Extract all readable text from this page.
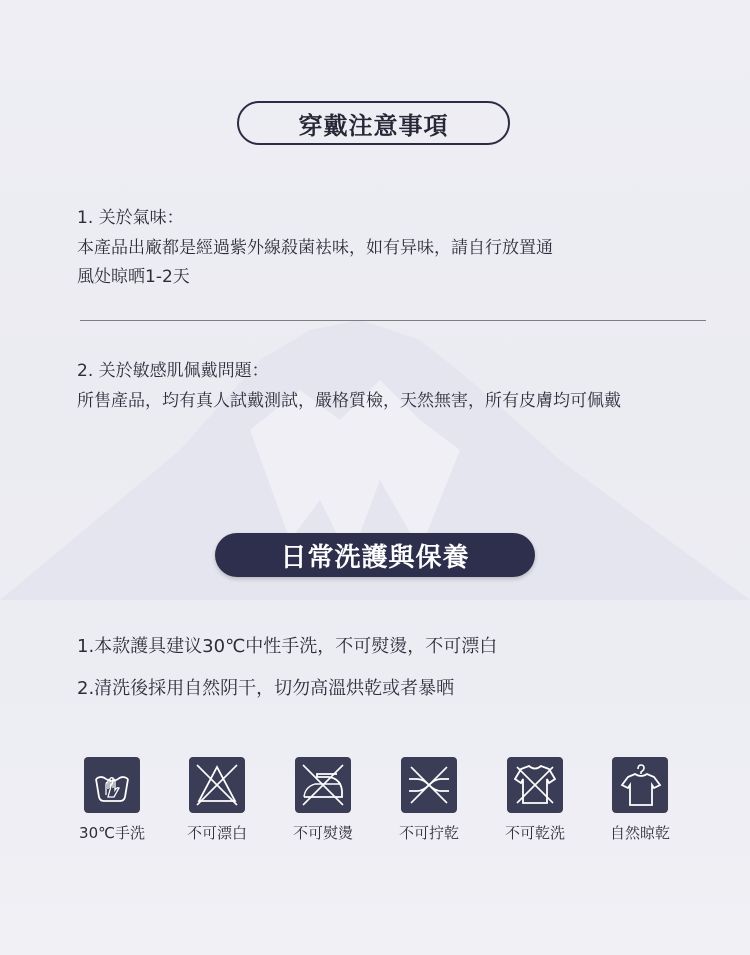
穿戴注意事項
1. 关於氣味：
本產品出廠都是經過紫外線殺菌袪味，如有异味，請自行放置通
風处晾晒1-2天
2. 关於敏感肌佩戴問題：
所售產品，均有真人試戴測試，嚴格質檢，天然無害，所有皮膚均可佩戴
日常洗護與保養
1.本款護具建议30℃中性手洗，不可熨燙，不可漂白
2.清洗後採用自然阴干，切勿高溫烘乾或者暴晒
30℃手洗	不可漂白	不可熨燙	不可拧乾	不可乾洗	自然晾乾
